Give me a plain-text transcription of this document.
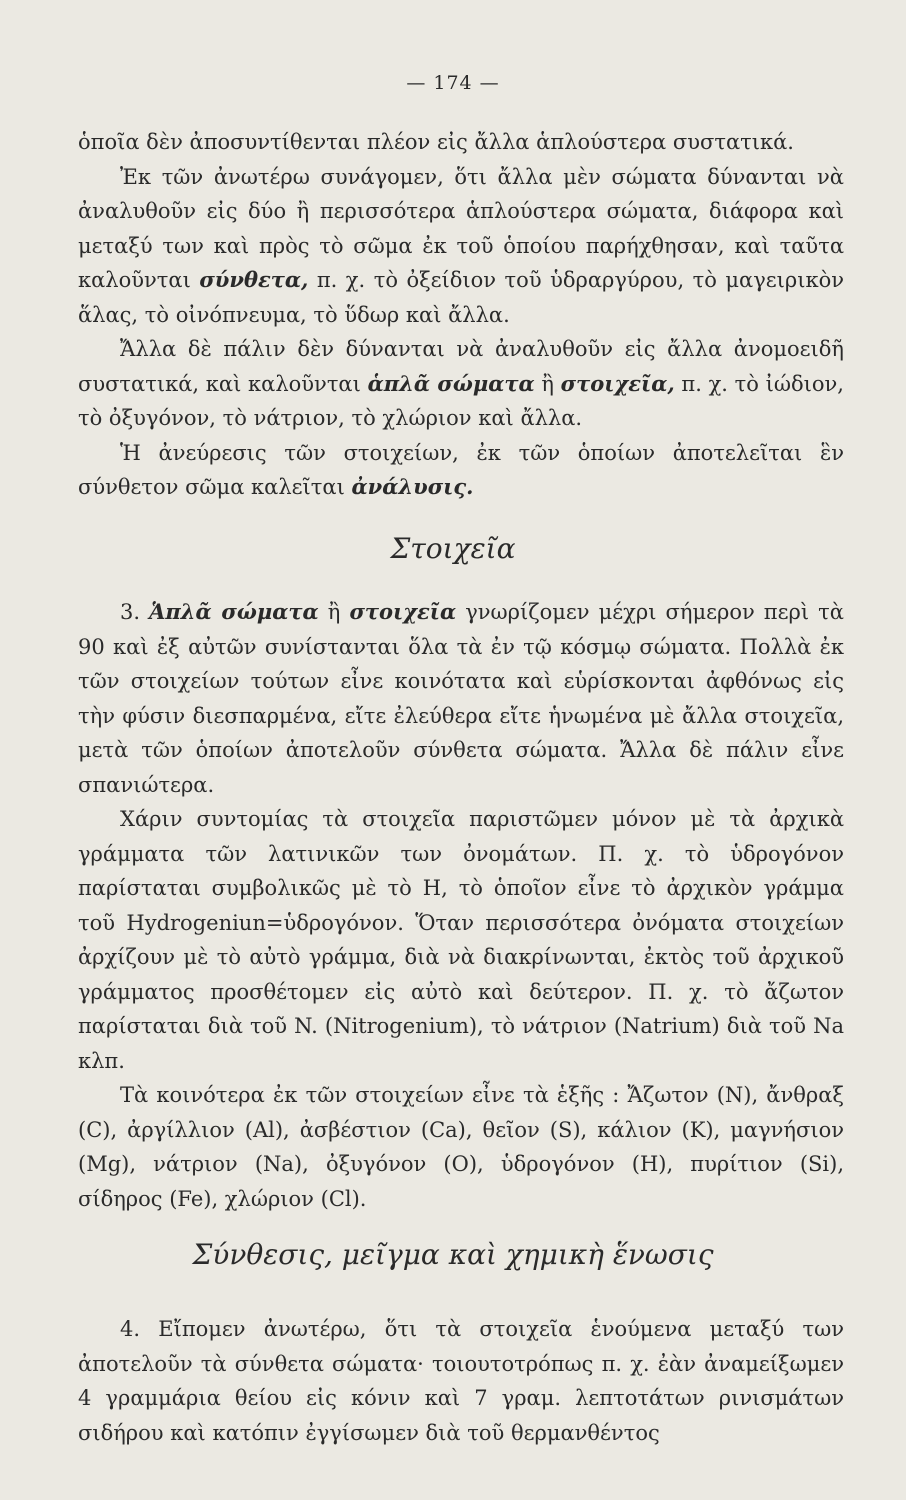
— 174 —

ὁποῖα δὲν ἀποσυντίθενται πλέον εἰς ἄλλα ἁπλούστερα συστατικά.

Ἐκ τῶν ἀνωτέρω συνάγομεν, ὅτι ἄλλα μὲν σώματα δύνανται νὰ ἀναλυθοῦν εἰς δύο ἢ περισσότερα ἁπλούστερα σώματα, διάφορα καὶ μεταξύ των καὶ πρὸς τὸ σῶμα ἐκ τοῦ ὁποίου παρήχθησαν, καὶ ταῦτα καλοῦνται σύνθετα, π. χ. τὸ ὀξείδιον τοῦ ὑδραργύρου, τὸ μαγειρικὸν ἅλας, τὸ οἰνόπνευμα, τὸ ὕδωρ καὶ ἄλλα.

Ἄλλα δὲ πάλιν δὲν δύνανται νὰ ἀναλυθοῦν εἰς ἄλλα ἀνομοειδῆ συστατικά, καὶ καλοῦνται ἁπλᾶ σώματα ἢ στοιχεῖα, π. χ. τὸ ἰώδιον, τὸ ὀξυγόνον, τὸ νάτριον, τὸ χλώριον καὶ ἄλλα.

Ἡ ἀνεύρεσις τῶν στοιχείων, ἐκ τῶν ὁποίων ἀποτελεῖται ἓν σύνθετον σῶμα καλεῖται ἀνάλυσις.

Στοιχεῖα

3. Ἁπλᾶ σώματα ἢ στοιχεῖα γνωρίζομεν μέχρι σήμερον περὶ τὰ 90 καὶ ἐξ αὐτῶν συνίστανται ὅλα τὰ ἐν τῷ κόσμῳ σώματα. Πολλὰ ἐκ τῶν στοιχείων τούτων εἶνε κοινότατα καὶ εὑρίσκονται ἀφθόνως εἰς τὴν φύσιν διεσπαρμένα, εἴτε ἐλεύθερα εἴτε ἡνωμένα μὲ ἄλλα στοιχεῖα, μετὰ τῶν ὁποίων ἀποτελοῦν σύνθετα σώματα. Ἄλλα δὲ πάλιν εἶνε σπανιώτερα.

Χάριν συντομίας τὰ στοιχεῖα παριστῶμεν μόνον μὲ τὰ ἀρχικὰ γράμματα τῶν λατινικῶν των ὀνομάτων. Π. χ. τὸ ὑδρογόνον παρίσταται συμβολικῶς μὲ τὸ H, τὸ ὁποῖον εἶνε τὸ ἀρχικὸν γράμμα τοῦ Hydrogeniun=ὑδρογόνον. Ὅταν περισσότερα ὀνόματα στοιχείων ἀρχίζουν μὲ τὸ αὐτὸ γράμμα, διὰ νὰ διακρίνωνται, ἐκτὸς τοῦ ἀρχικοῦ γράμματος προσθέτομεν εἰς αὐτὸ καὶ δεύτερον. Π. χ. τὸ ἄζωτον παρίσταται διὰ τοῦ N. (Nitrogenium), τὸ νάτριον (Natrium) διὰ τοῦ Na κλπ.

Τὰ κοινότερα ἐκ τῶν στοιχείων εἶνε τὰ ἑξῆς : Ἄζωτον (N), ἄνθραξ (C), ἀργίλλιον (Al), ἀσβέστιον (Ca), θεῖον (S), κάλιον (K), μαγνήσιον (Mg), νάτριον (Na), ὀξυγόνον (O), ὑδρογόνον (H), πυρίτιον (Si), σίδηρος (Fe), χλώριον (Cl).

Σύνθεσις, μεῖγμα καὶ χημικὴ ἕνωσις

4. Εἴπομεν ἀνωτέρω, ὅτι τὰ στοιχεῖα ἑνούμενα μεταξύ των ἀποτελοῦν τὰ σύνθετα σώματα· τοιουτοτρόπως π. χ. ἐὰν ἀναμείξωμεν 4 γραμμάρια θείου εἰς κόνιν καὶ 7 γραμ. λεπτοτάτων ρινισμάτων σιδήρου καὶ κατόπιν ἐγγίσωμεν διὰ τοῦ θερμανθέντος
